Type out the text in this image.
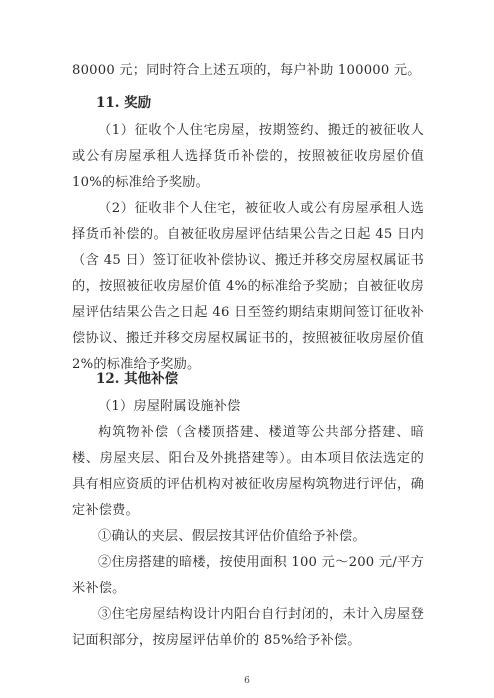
80000 元；同时符合上述五项的，每户补助 100000 元。

11. 奖励

（1）征收个人住宅房屋，按期签约、搬迁的被征收人或公有房屋承租人选择货币补偿的，按照被征收房屋价值 10%的标准给予奖励。

（2）征收非个人住宅，被征收人或公有房屋承租人选择货币补偿的。自被征收房屋评估结果公告之日起 45 日内（含 45 日）签订征收补偿协议、搬迁并移交房屋权属证书的，按照被征收房屋价值 4%的标准给予奖励；自被征收房屋评估结果公告之日起 46 日至签约期结束期间签订征收补偿协议、搬迁并移交房屋权属证书的，按照被征收房屋价值 2%的标准给予奖励。

12. 其他补偿

（1）房屋附属设施补偿

构筑物补偿（含楼顶搭建、楼道等公共部分搭建、暗楼、房屋夹层、阳台及外挑搭建等）。由本项目依法选定的具有相应资质的评估机构对被征收房屋构筑物进行评估，确定补偿费。

①确认的夹层、假层按其评估价值给予补偿。

②住房搭建的暗楼，按使用面积 100 元～200 元/平方米补偿。

③住宅房屋结构设计内阳台自行封闭的，未计入房屋登记面积部分，按房屋评估单价的 85%给予补偿。

6
